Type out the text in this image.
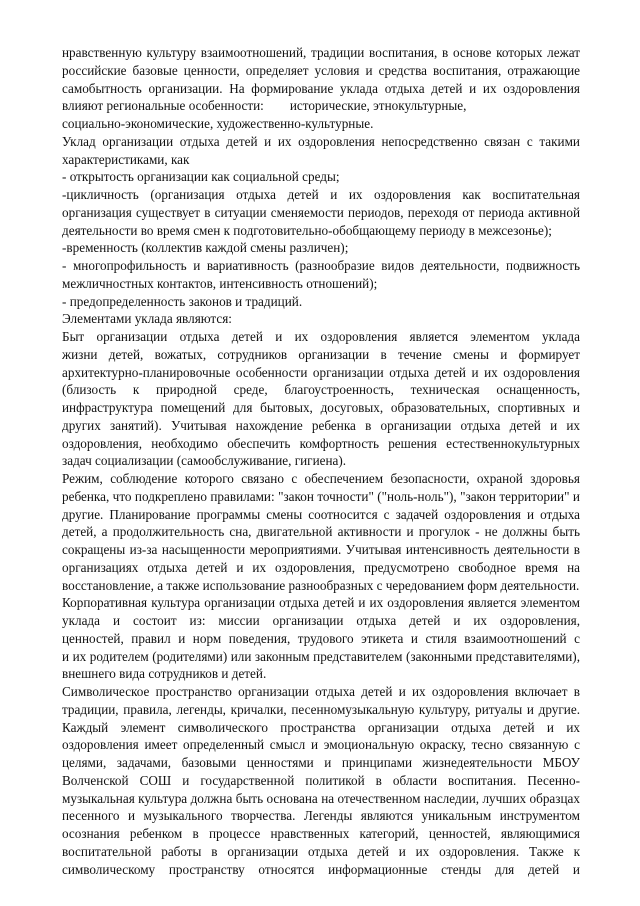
нравственную культуру взаимоотношений, традиции воспитания, в основе которых лежат
российские базовые ценности, определяет условия и средства воспитания, отражающие
самобытность организации. На формирование уклада отдыха детей и их оздоровления
влияют региональные особенности: исторические, этнокультурные,
социально-экономические, художественно-культурные.
Уклад организации отдыха детей и их оздоровления непосредственно связан с такими
характеристиками, как
- открытость организации как социальной среды;
-цикличность (организация отдыха детей и их оздоровления как воспитательная
организация существует в ситуации сменяемости периодов, переходя от периода активной
деятельности во время смен к подготовительно-обобщающему периоду в межсезонье);
-временность (коллектив каждой смены различен);
- многопрофильность и вариативность (разнообразие видов деятельности, подвижность
межличностных контактов, интенсивность отношений);
- предопределенность законов и традиций.
Элементами уклада являются:
Быт организации отдыха детей и их оздоровления является элементом уклада
жизни детей, вожатых, сотрудников организации в течение смены и формирует
архитектурно-планировочные особенности организации отдыха детей и их оздоровления
(близость к природной среде, благоустроенность, техническая оснащенность,
инфраструктура помещений для бытовых, досуговых, образовательных, спортивных и
других занятий). Учитывая нахождение ребенка в организации отдыха детей и их
оздоровления, необходимо обеспечить комфортность решения естественнокультурных
задач социализации (самообслуживание, гигиена).
Режим, соблюдение которого связано с обеспечением безопасности, охраной здоровья
ребенка, что подкреплено правилами: "закон точности" ("ноль-ноль"), "закон территории" и
другие. Планирование программы смены соотносится с задачей оздоровления и отдыха
детей, а продолжительность сна, двигательной активности и прогулок - не должны быть
сокращены из-за насыщенности мероприятиями. Учитывая интенсивность деятельности в
организациях отдыха детей и их оздоровления, предусмотрено свободное время на
восстановление, а также использование разнообразных с чередованием форм деятельности.
Корпоративная культура организации отдыха детей и их оздоровления является элементом
уклада и состоит из: миссии организации отдыха детей и их оздоровления,
ценностей, правил и норм поведения, трудового этикета и стиля взаимоотношений с
и их родителем (родителями) или законным представителем (законными представителями),
внешнего вида сотрудников и детей.
Символическое пространство организации отдыха детей и их оздоровления включает в
традиции, правила, легенды, кричалки, песенномузыкальную культуру, ритуалы и другие.
Каждый элемент символического пространства организации отдыха детей и их
оздоровления имеет определенный смысл и эмоциональную окраску, тесно связанную с
целями, задачами, базовыми ценностями и принципами жизнедеятельности МБОУ
Волченской СОШ и государственной политикой в области воспитания. Песенно-
музыкальная культура должна быть основана на отечественном наследии, лучших образцах
песенного и музыкального творчества. Легенды являются уникальным инструментом
осознания ребенком в процессе нравственных категорий, ценностей, являющимися
воспитательной работы в организации отдыха детей и их оздоровления. Также к
символическому пространству относятся информационные стенды для детей и
